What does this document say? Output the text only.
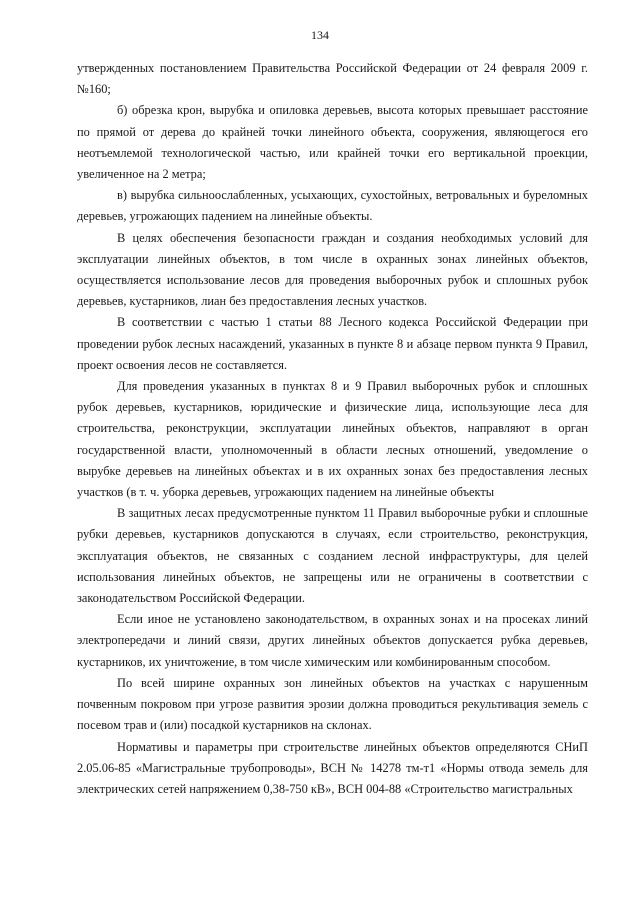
134

утвержденных постановлением Правительства Российской Федерации от 24 февраля 2009 г. №160;

б) обрезка крон, вырубка и опиловка деревьев, высота которых превышает расстояние по прямой от дерева до крайней точки линейного объекта, сооружения, являющегося его неотъемлемой технологической частью, или крайней точки его вертикальной проекции, увеличенное на 2 метра;

в) вырубка сильноослабленных, усыхающих, сухостойных, ветровальных и буреломных деревьев, угрожающих падением на линейные объекты.

В целях обеспечения безопасности граждан и создания необходимых условий для эксплуатации линейных объектов, в том числе в охранных зонах линейных объектов, осуществляется использование лесов для проведения выборочных рубок и сплошных рубок деревьев, кустарников, лиан без предоставления лесных участков.

В соответствии с частью 1 статьи 88 Лесного кодекса Российской Федерации при проведении рубок лесных насаждений, указанных в пункте 8 и абзаце первом пункта 9 Правил, проект освоения лесов не составляется.

Для проведения указанных в пунктах 8 и 9 Правил выборочных рубок и сплошных рубок деревьев, кустарников, юридические и физические лица, использующие леса для строительства, реконструкции, эксплуатации линейных объектов, направляют в орган государственной власти, уполномоченный в области лесных отношений, уведомление о вырубке деревьев на линейных объектах и в их охранных зонах без предоставления лесных участков (в т. ч. уборка деревьев, угрожающих падением на линейные объекты

В защитных лесах предусмотренные пунктом 11 Правил выборочные рубки и сплошные рубки деревьев, кустарников допускаются в случаях, если строительство, реконструкция, эксплуатация объектов, не связанных с созданием лесной инфраструктуры, для целей использования линейных объектов, не запрещены или не ограничены в соответствии с законодательством Российской Федерации.

Если иное не установлено законодательством, в охранных зонах и на просеках линий электропередачи и линий связи, других линейных объектов допускается рубка деревьев, кустарников, их уничтожение, в том числе химическим или комбинированным способом.

По всей ширине охранных зон линейных объектов на участках с нарушенным почвенным покровом при угрозе развития эрозии должна проводиться рекультивация земель с посевом трав и (или) посадкой кустарников на склонах.

Нормативы и параметры при строительстве линейных объектов определяются СНиП 2.05.06-85 «Магистральные трубопроводы», ВСН № 14278 тм-т1 «Нормы отвода земель для электрических сетей напряжением 0,38-750 кВ», ВСН 004-88 «Строительство магистральных
